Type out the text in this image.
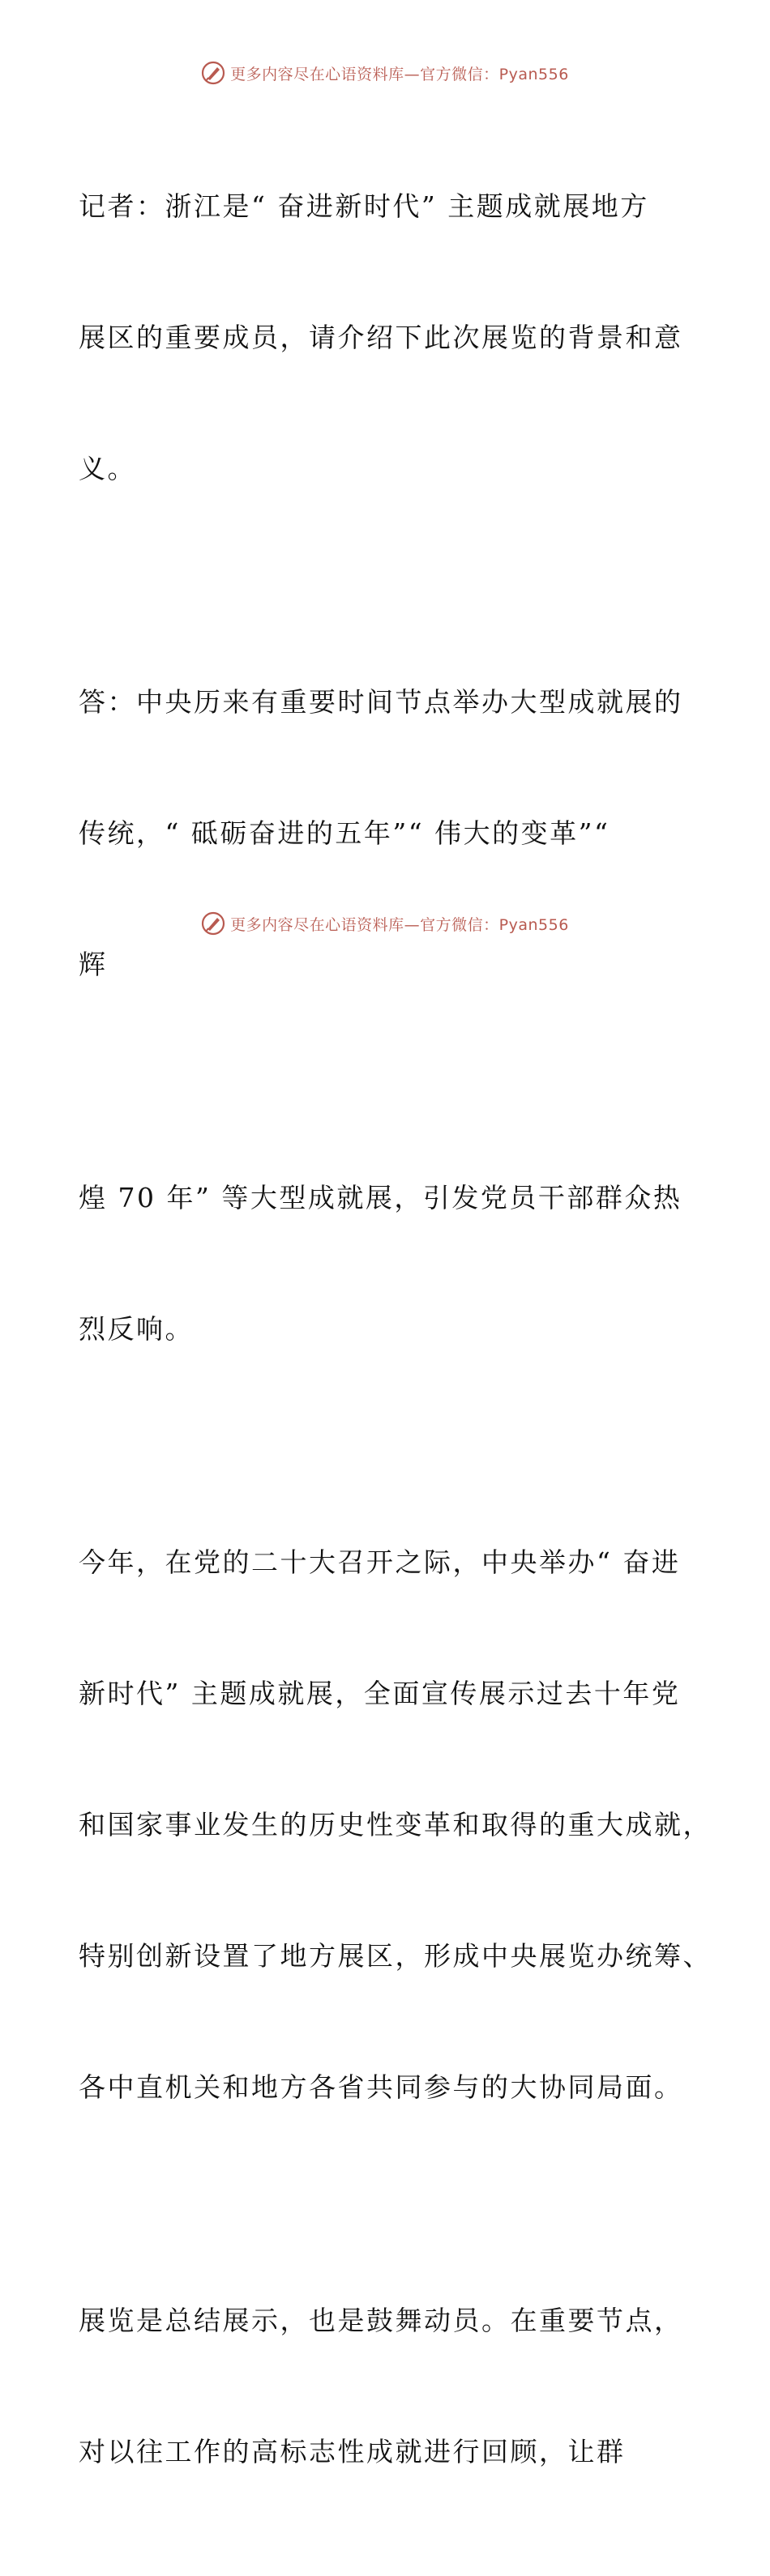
更多内容尽在心语资料库—官方微信：Pyan556

记者：浙江是“ 奋进新时代” 主题成就展地方

展区的重要成员，请介绍下此次展览的背景和意

义。

答：中央历来有重要时间节点举办大型成就展的

传统，“ 砥砺奋进的五年”“ 伟大的变革”“

辉

煌 70 年” 等大型成就展，引发党员干部群众热

烈反响。

今年，在党的二十大召开之际，中央举办“ 奋进

新时代” 主题成就展，全面宣传展示过去十年党

和国家事业发生的历史性变革和取得的重大成就，

特别创新设置了地方展区，形成中央展览办统筹、

各中直机关和地方各省共同参与的大协同局面。

展览是总结展示，也是鼓舞动员。在重要节点，

对以往工作的高标志性成就进行回顾，让群

更多内容尽在心语资料库—官方微信：Pyan556
